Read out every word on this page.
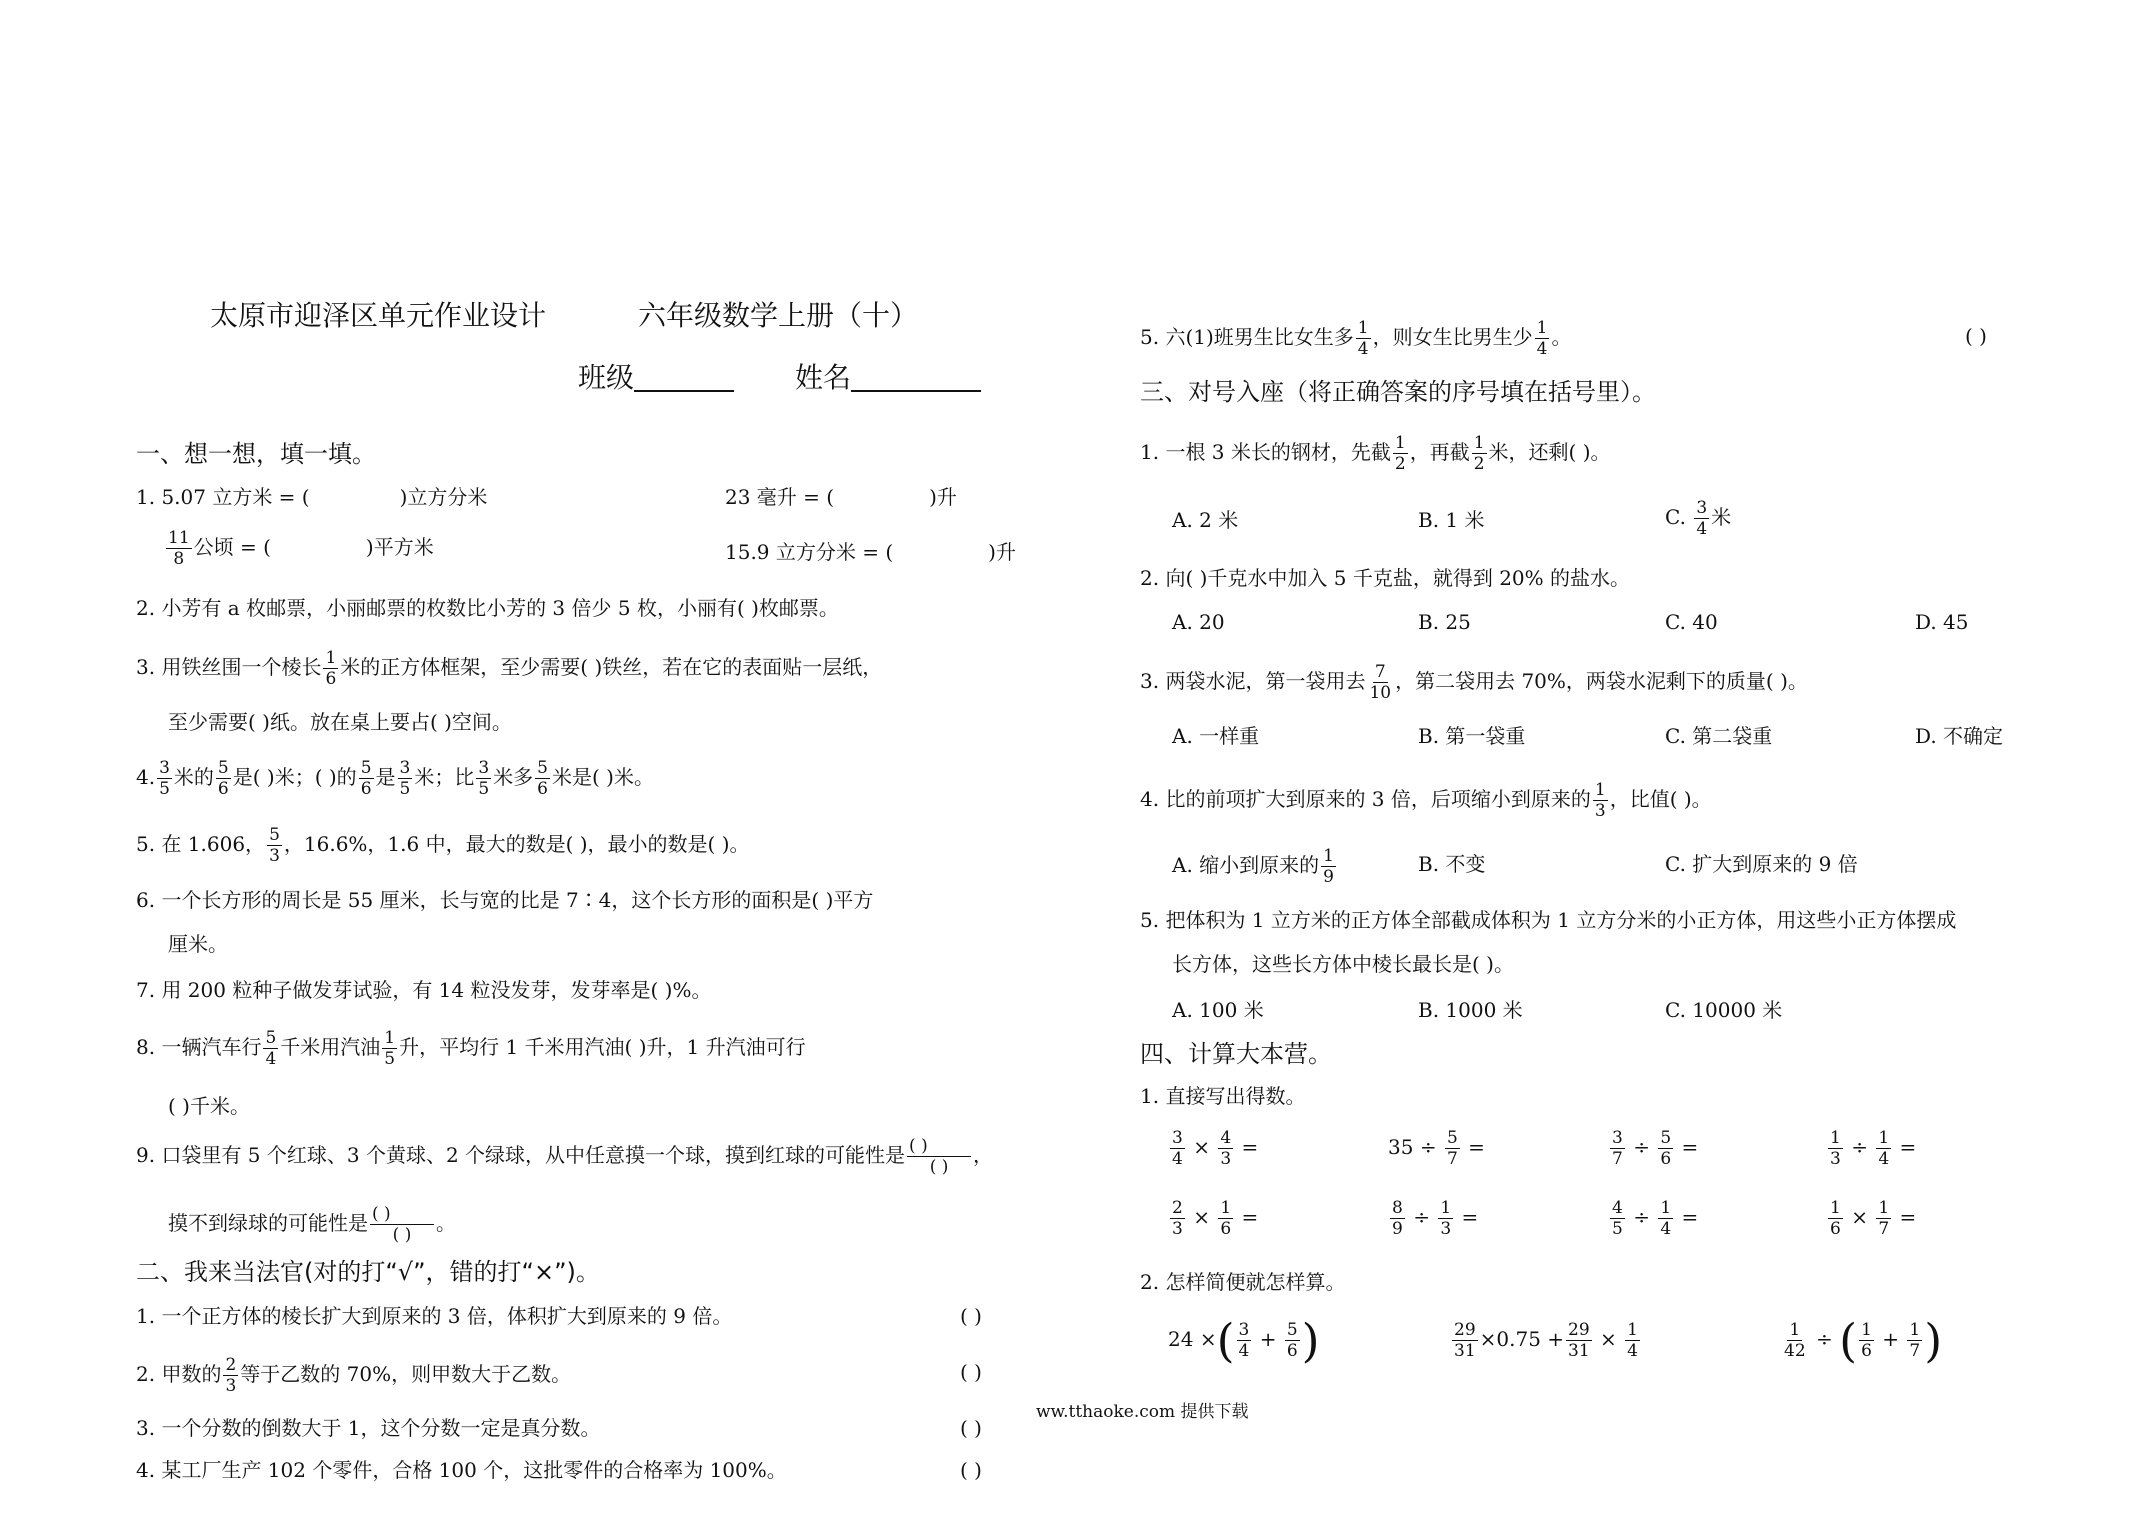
太原市迎泽区单元作业设计	六年级数学上册（十）
班级	姓名
一、想一想，填一填。
1. 5.07 立方米 = (	)立方分米	23 毫升 = (	)升
$\frac{11}{8}$ 公顷 = (	)平方米	15.9 立方分米 = (	)升
2. 小芳有 a 枚邮票，小丽邮票的枚数比小芳的 3 倍少 5 枚，小丽有( )枚邮票。
3. 用铁丝围一个棱长 $\frac{1}{6}$ 米的正方体框架，至少需要( )铁丝，若在它的表面贴一层纸，
至少需要( )纸。放在桌上要占( )空间。
4. $\frac{3}{5}$ 米的 $\frac{5}{6}$ 是( )米；( )的 $\frac{5}{6}$ 是 $\frac{3}{5}$ 米；比 $\frac{3}{5}$ 米多 $\frac{5}{6}$ 米是( )米。
5. 在 1.606， $\frac{5}{3}$ ，16.6%，1.6 中，最大的数是( )，最小的数是( )。
6. 一个长方形的周长是 55 厘米，长与宽的比是 7∶4，这个长方形的面积是( )平方
厘米。
7. 用 200 粒种子做发芽试验，有 14 粒没发芽，发芽率是( )%。
8. 一辆汽车行 $\frac{5}{4}$ 千米用汽油 $\frac{1}{5}$ 升，平均行 1 千米用汽油( )升，1 升汽油可行
( )千米。
9. 口袋里有 5 个红球、3 个黄球、2 个绿球，从中任意摸一个球，摸到红球的可能性是 ( )
( ) ，
摸不到绿球的可能性是 ( )
( ) 。
二、我来当法官(对的打“√”，错的打“×”)。
1. 一个正方体的棱长扩大到原来的 3 倍，体积扩大到原来的 9 倍。	( )
2. 甲数的 $\frac{2}{3}$ 等于乙数的 70%，则甲数大于乙数。	( )
3. 一个分数的倒数大于 1，这个分数一定是真分数。	( )
4. 某工厂生产 102 个零件，合格 100 个，这批零件的合格率为 100%。	( )
5. 六(1)班男生比女生多 $\frac{1}{4}$ ，则女生比男生少 $\frac{1}{4}$ 。	( )
三、对号入座（将正确答案的序号填在括号里）。
1. 一根 3 米长的钢材，先截 $\frac{1}{2}$ ，再截 $\frac{1}{2}$ 米，还剩( )。
A. 2 米	B. 1 米	C. $\frac{3}{4}$ 米
2. 向( )千克水中加入 5 千克盐，就得到 20% 的盐水。
A. 20	B. 25	C. 40	D. 45
3. 两袋水泥，第一袋用去 $\frac{7}{10}$ ，第二袋用去 70%，两袋水泥剩下的质量( )。
A. 一样重	B. 第一袋重	C. 第二袋重	D. 不确定
4. 比的前项扩大到原来的 3 倍，后项缩小到原来的 $\frac{1}{3}$ ，比值( )。
A. 缩小到原来的 $\frac{1}{9}$	B. 不变	C. 扩大到原来的 9 倍
5. 把体积为 1 立方米的正方体全部截成体积为 1 立方分米的小正方体，用这些小正方体摆成
长方体，这些长方体中棱长最长是( )。
A. 100 米	B. 1000 米	C. 10000 米
四、计算大本营。
1. 直接写出得数。
$\frac{3}{4} \times \frac{4}{3}$ =	$35 \div \frac{5}{7}$ =	$\frac{3}{7} \div \frac{5}{6}$ =	$\frac{1}{3} \div \frac{1}{4}$ =
$\frac{2}{3} \times \frac{1}{6}$ =	$\frac{8}{9} \div \frac{1}{3}$ =	$\frac{4}{5} \div \frac{1}{4}$ =	$\frac{1}{6} \times \frac{1}{7}$ =
2. 怎样简便就怎样算。
24 ×( $\frac{3}{4} + \frac{5}{6}$ )	$\frac{29}{31} \times 0.75 + \frac{29}{31} \times \frac{1}{4}$	$\frac{1}{42}$ ÷ ( $\frac{1}{6} + \frac{1}{7}$ )
ww.tthaoke.com 提供下载
